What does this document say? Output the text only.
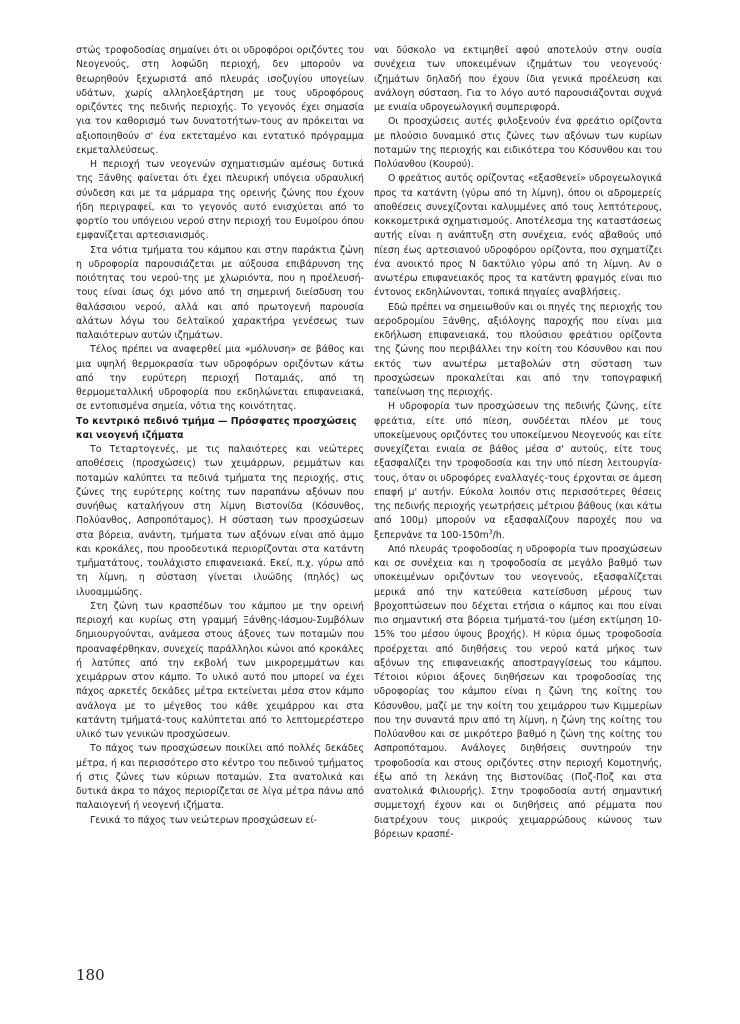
στώς τροφοδοσίας σημαίνει ότι οι υδροφόροι οριζόντες του Νεογενούς, στη λοφώδη περιοχή, δεν μπορούν να θεωρηθούν ξεχωριστά από πλευράς ισοζυγίου υπογείων υδάτων, χωρίς αλληλοεξάρτηση με τους υδροφόρους οριζόντες της πεδινής περιοχής. Το γεγονός έχει σημασία για τον καθορισμό των δυνατοτήτων-τους αν πρόκειται να αξιοποιηθούν σ' ένα εκτεταμένο και εντατικό πρόγραμμα εκμεταλλεύσεως.

Η περιοχή των νεογενών σχηματισμών αμέσως δυτικά της Ξάνθης φαίνεται ότι έχει πλευρική υπόγεια υδραυλική σύνδεση και με τα μάρμαρα της ορεινής ζώνης που έχουν ήδη περιγραφεί, και το γεγονός αυτό ενισχύεται από το φορτίο του υπόγειου νερού στην περιοχή του Ευμοίρου όπου εμφανίζεται αρτεσιανισμός.

Στα νότια τμήματα του κάμπου και στην παράκτια ζώνη η υδροφορία παρουσιάζεται με αύξουσα επιβάρυνση της ποιότητας του νερού-της με χλωριόντα, που η προέλευσή-τους είναι ίσως όχι μόνο από τη σημερινή διείσδυση του θαλάσσιου νερού, αλλά και από πρωτογενή παρουσία αλάτων λόγω του δελταϊκού χαρακτήρα γενέσεως των παλαιότερων αυτών ιζημάτων.

Τέλος πρέπει να αναφερθεί μια «μόλυνση» σε βάθος και μια υψηλή θερμοκρασία των υδροφόρων οριζόντων κάτω από την ευρύτερη περιοχή Ποταμιάς, από τη θερμομεταλλική υδροφορία που εκδηλώνεται επιφανειακά, σε εντοπισμένα σημεία, νότια της κοινότητας.

Το κεντρικό πεδινό τμήμα — Πρόσφατες προσχώσεις και νεογενή ιζήματα

Το Τεταρτογενές, με τις παλαιότερες και νεώτερες αποθέσεις (προσχώσεις) των χειμάρρων, ρεμμάτων και ποταμών καλύπτει τα πεδινά τμήματα της περιοχής, στις ζώνες της ευρύτερης κοίτης των παραπάνω αξόνων που συνήθως καταλήγουν στη λίμνη Βιστονίδα (Κόσυνθος, Πολύανθος, Ασπροπόταμος). Η σύσταση των προσχώσεων στα βόρεια, ανάντη, τμήματα των αξόνων είναι από άμμο και κροκάλες, που προοδευτικά περιορίζονται στα κατάντη τμήματάτους, τουλάχιστο επιφανειακά. Εκεί, π.χ. γύρω από τη λίμνη, η σύσταση γίνεται ιλυώδης (πηλός) ως ιλυοαμμώδης.

Στη ζώνη των κρασπέδων του κάμπου με την ορεινή περιοχή και κυρίως στη γραμμή Ξάνθης-Ιάσμου-Συμβόλων δημιουργούνται, ανάμεσα στους άξονες των ποταμών που προαναφέρθηκαν, συνεχείς παράλληλοι κώνοι από κροκάλες ή λατύπες από την εκβολή των μικρορεμμάτων και χειμάρρων στον κάμπο. Το υλικό αυτό που μπορεί να έχει πάχος αρκετές δεκάδες μέτρα εκτείνεται μέσα στον κάμπο ανάλογα με το μέγεθος του κάθε χειμάρρου και στα κατάντη τμήματά-τους καλύπτεται από το λεπτομερέστερο υλικό των γενικών προσχώσεων.

Το πάχος των προσχώσεων ποικίλει από πολλές δεκάδες μέτρα, ή και περισσότερο στο κέντρο του πεδινού τμήματος ή στις ζώνες των κύριων ποταμών. Στα ανατολικά και δυτικά άκρα το πάχος περιορίζεται σε λίγα μέτρα πάνω από παλαιογενή ή νεογενή ιζήματα.

Γενικά το πάχος των νεώτερων προσχώσεων εί-

ναι δύσκολο να εκτιμηθεί αφού αποτελούν στην ουσία συνέχεια των υποκειμένων ιζημάτων του νεογενούς· ιζημάτων δηλαδή που έχουν ίδια γενικά προέλευση και ανάλογη σύσταση. Για το λόγο αυτό παρουσιάζονται συχνά με ενιαία υδρογεωλογική συμπεριφορά.

Οι προσχώσεις αυτές φιλοξενούν ένα φρεάτιο ορίζοντα με πλούσιο δυναμικό στις ζώνες των αξόνων των κυρίων ποταμών της περιοχής και ειδικότερα του Κόσυνθου και του Πολύανθου (Κουρού).

Ο φρεάτιος αυτός ορίζοντας «εξασθενεί» υδρογεωλογικά προς τα κατάντη (γύρω από τη λίμνη), όπου οι αδρομερείς αποθέσεις συνεχίζονται καλυμμένες από τους λεπτότερους, κοκκομετρικά σχηματισμούς. Αποτέλεσμα της καταστάσεως αυτής είναι η ανάπτυξη στη συνέχεια, ενός αβαθούς υπό πίεση έως αρτεσιανού υδροφόρου ορίζοντα, που σχηματίζει ένα ανοικτό προς Ν δακτύλιο γύρω από τη λίμνη. Αν ο ανωτέρω επιφανειακός προς τα κατάντη φραγμός είναι πιο έντονος εκδηλώνονται, τοπικά πηγαίες αναβλήσεις.

Εδώ πρέπει να σημειωθούν και οι πηγές της περιοχής του αεροδρομίου Ξάνθης, αξιόλογης παροχής που είναι μια εκδήλωση επιφανειακά, του πλούσιου φρεάτιου ορίζοντα της ζώνης που περιβάλλει την κοίτη του Κόσυνθου και που εκτός των ανωτέρω μεταβολών στη σύσταση των προσχώσεων προκαλείται και από την τοπογραφική ταπείνωση της περιοχής.

Η υδροφορία των προσχώσεων της πεδινής ζώνης, είτε φρεάτια, είτε υπό πίεση, συνδέεται πλέον με τους υποκείμενους οριζόντες του υποκείμενου Νεογενούς και είτε συνεχίζεται ενιαία σε βάθος μέσα σ' αυτούς, είτε τους εξασφαλίζει την τροφοδοσία και την υπό πίεση λειτουργία-τους, όταν οι υδροφόρες εναλλαγές-τους έρχονται σε άμεση επαφή μ' αυτήν. Εύκολα λοιπόν στις περισσότερες θέσεις της πεδινής περιοχής γεωτρήσεις μέτριου βάθους (και κάτω από 100μ) μπορούν να εξασφαλίζουν παροχές που να ξεπερνάνε τα $100-150m^3/h$.

Από πλευράς τροφοδοσίας η υδροφορία των προσχώσεων και σε συνέχεια και η τροφοδοσία σε μεγάλο βαθμό των υποκειμένων οριζόντων του νεογενούς, εξασφαλίζεται μερικά από την κατεύθεια κατείσδυση μέρους των βροχοπτώσεων που δέχεται ετήσια ο κάμπος και που είναι πιο σημαντική στα βόρεια τμήματά-του (μέση εκτίμηση 10-15% του μέσου ύψους βροχής). Η κύρια όμως τροφοδοσία προέρχεται από διηθήσεις του νερού κατά μήκος των αξόνων της επιφανειακής αποστραγγίσεως του κάμπου. Τέτοιοι κύριοι άξονες διηθήσεων και τροφοδοσίας της υδροφορίας του κάμπου είναι η ζώνη της κοίτης του Κόσυνθου, μαζί με την κοίτη του χειμάρρου των Κιμμερίων που την συναντά πριν από τη λίμνη, η ζώνη της κοίτης του Πολύανθου και σε μικρότερο βαθμό η ζώνη της κοίτης του Ασπροπόταμου. Ανάλογες διηθήσεις συντηρούν την τροφοδοσία και στους οριζόντες στην περιοχή Κομοτηνής, έξω από τη λεκάνη της Βιστονίδας (Ποζ-Ποζ και στα ανατολικά Φιλιουρής). Στην τροφοδοσία αυτή σημαντική συμμετοχή έχουν και οι διηθήσεις από ρέμματα που διατρέχουν τους μικρούς χειμαρρώδους κώνους των βόρειων κρασπέ-

180
